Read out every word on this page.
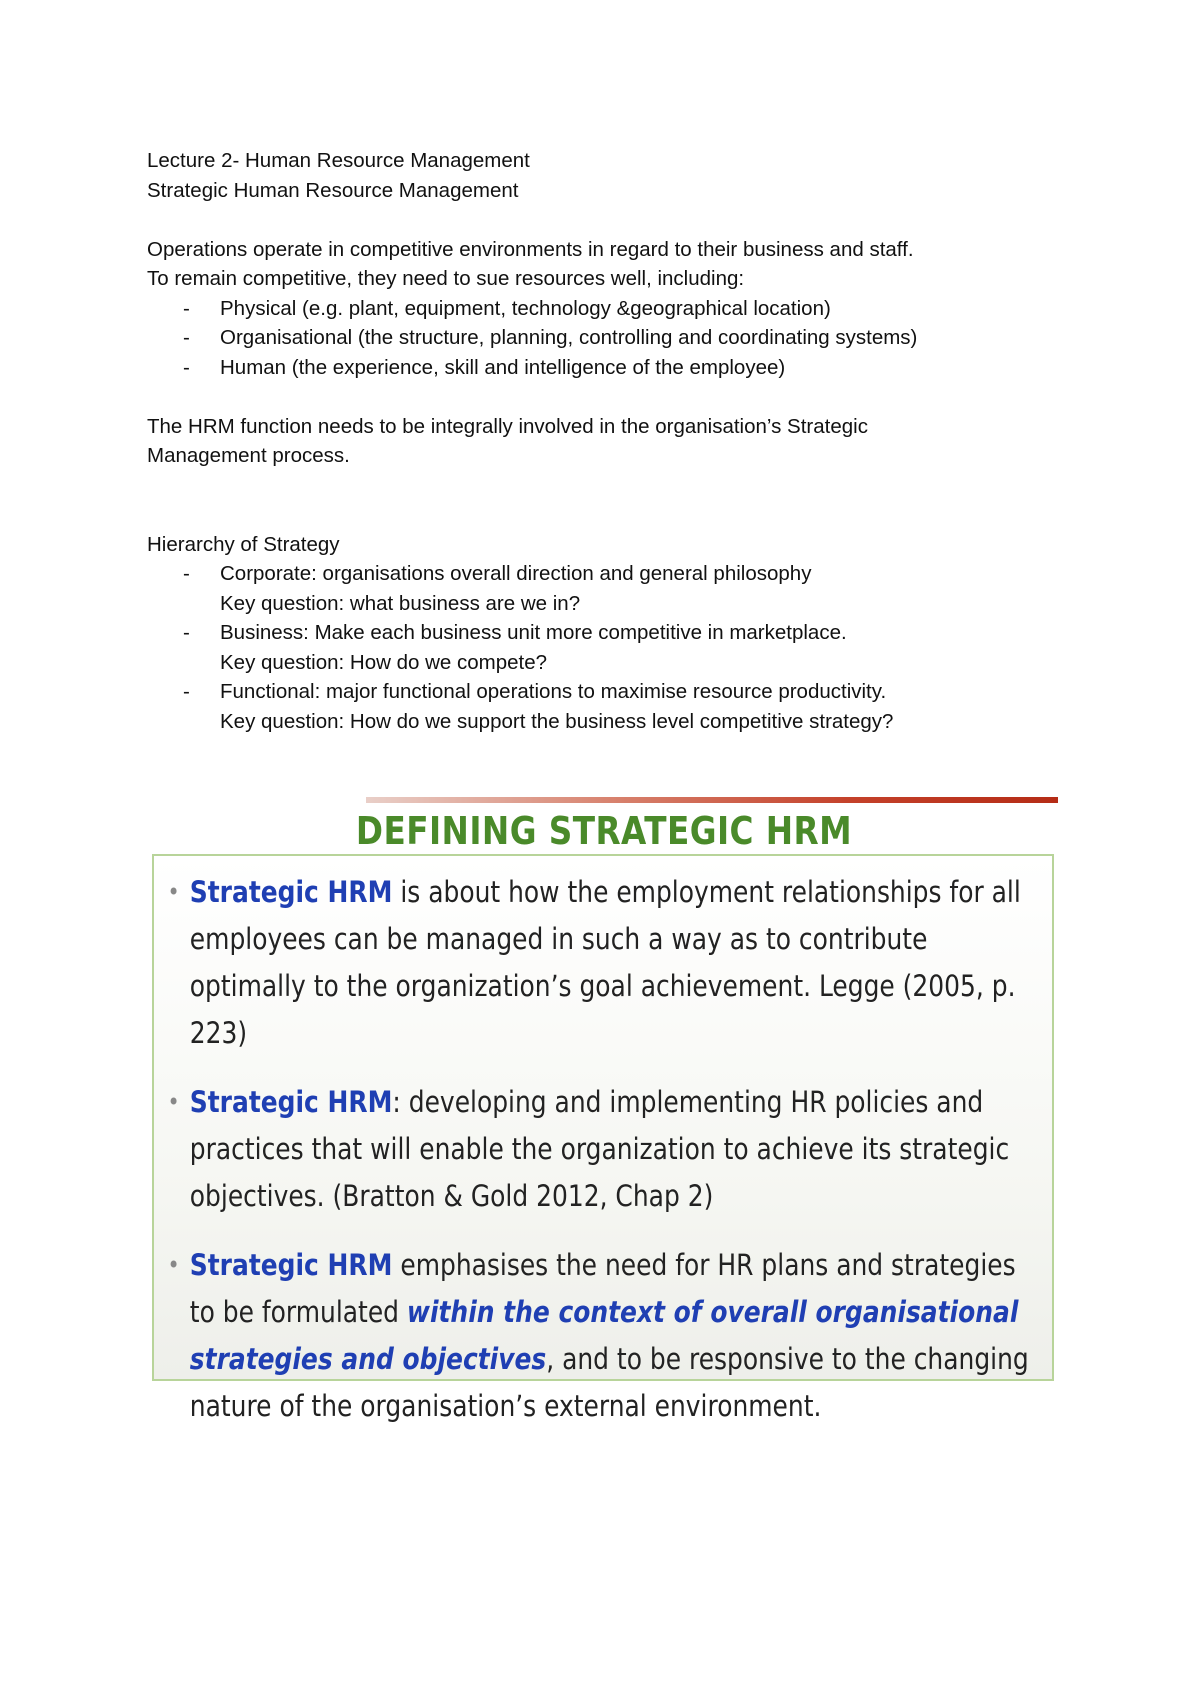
Lecture 2- Human Resource Management
Strategic Human Resource Management
Operations operate in competitive environments in regard to their business and staff.
To remain competitive, they need to sue resources well, including:
- Physical (e.g. plant, equipment, technology &geographical location)
- Organisational (the structure, planning, controlling and coordinating systems)
- Human (the experience, skill and intelligence of the employee)
The HRM function needs to be integrally involved in the organisation’s Strategic
Management process.
Hierarchy of Strategy
- Corporate: organisations overall direction and general philosophy
Key question: what business are we in?
- Business: Make each business unit more competitive in marketplace.
Key question: How do we compete?
- Functional: major functional operations to maximise resource productivity.
Key question: How do we support the business level competitive strategy?
DEFINING STRATEGIC HRM
• Strategic HRM is about how the employment relationships for all employees can be managed in such a way as to contribute optimally to the organization’s goal achievement. Legge (2005, p. 223)
• Strategic HRM: developing and implementing HR policies and practices that will enable the organization to achieve its strategic objectives. (Bratton & Gold 2012, Chap 2)
• Strategic HRM emphasises the need for HR plans and strategies to be formulated within the context of overall organisational strategies and objectives, and to be responsive to the changing nature of the organisation’s external environment.
